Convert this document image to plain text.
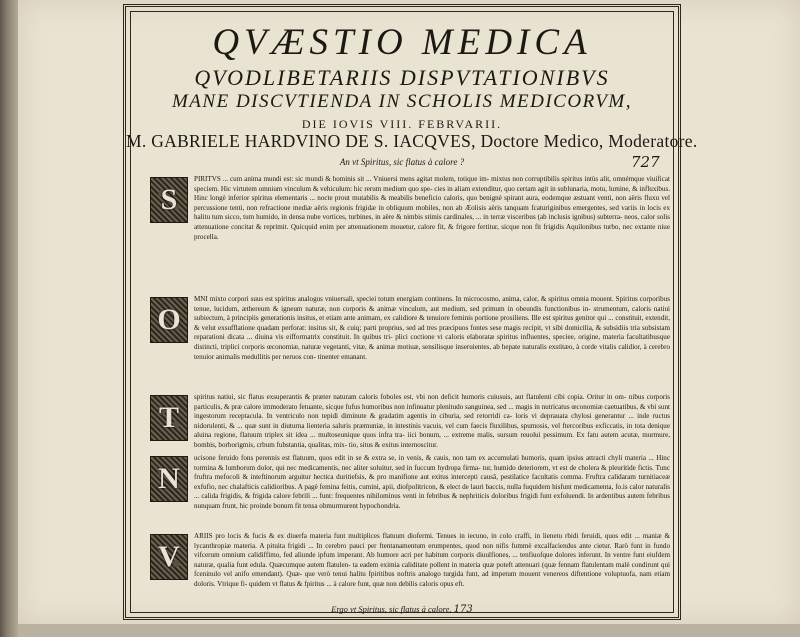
QVÆSTIO MEDICA
QVODLIBETARIIS DISPVTATIONIBVS
MANE DISCVTIENDA IN SCHOLIS MEDICORVM,
DIE IOVIS VIII. FEBRVARII.
M. GABRIELE HARDVINO DE S. IACQVES, Doctore Medico, Moderatore.
An vt Spiritus, sic flatus à calore ?	727
S
PIRITVS ... cum anima mundi est: sic mundi & hominis sit ... Vniuersi mens agitat molem, totique im- mixtus non corruptibilis spiritus intùs alit, omnémque viuificat speciem. Hic virtutem omnium vinculum & vehiculum: hic rerum medium quo spe- cies in aliam extenditur, quo certam agit in sublunaria, motu, lumine, & influxibus. Hinc longè inferior spiritus elementaris ... nocte prout mutabilis & meabilis beneficio caloris, quo benignè spirant aura, eodemque æstuant venti, non aëris fluxu vel percussione tenti, non refractione mediæ aëris regionis frigidæ in obliquum mobiles, non ab Æolisis aëris tanquam fcaturiginibus emergentes, sed variis in locis ex halitu tum sicco, tum humido, in densa nube vortices, turbines, in aëre & nimbis stimis cardinales, ... in terræ visceribus (ab inclusis ignibus) subterra- neos, calor solis attenuatione concitat & reprimit. Quicquid enim per attenuationem mouetur, calore fit, & frigore fertitur, sicque non fit frigidis Aquilonibus turbo, nec extante niue procella.
O
MNI mixto corpori suus est spiritus analogus vniuersali, speciei totum energiam continens. In microcosmo, anima, calor, & spiritus omnia mouent. Spiritus corporibus tenue, lucidum, æthereum & igneum naturæ, non corporis & animæ vinculum, aut medium, sed primum in obeundis functionibus in- strumentum, caloris natiui subiectum, à principiis generationis insitus, et etiam ante animam, ex calidiore & tenuiore feminis portione prosiliens. Ille est spiritus genitor qui ... constituit, extendit, & velut exsufflatione quadam perforat: insitus sit, & cuiq; parti proprius, sed ad tres præcipuos fontes sese magis recipit, vt sibi domicilia, & subsidiis tria subsistam reparationi dicata ... diuina vis eifformatrix constituit. In quibus tri- plici coctione vi caloris elaboratæ spiritus influentes, speciee, origine, materia facultatibusque distincti, triplici corporis œconomiæ, naturæ vegetanti, vitæ, & animæ motiuæ, sensilisque inseruientes, ab hepate naturalis exstitæo, à corde vitalis calidior, à cerebro tenuior animalis medullitis per neruos con- tinenter emanant.
T
spiritus natiui, sic flatus exsuperantis & præter naturam caloris foboles est, vbi non deficit humoris cuiusuis, aut flatulenti cibi copia. Oritur in om- nibus corporis particulis, & præ calore immoderato fetuante, sicque fufus humoribus non infinuatur plenitudo sanguinea, sed ... magis in nutricatus œconomiæ caetuatibus, & vbi sunt ingestorum receptacula. In ventriculo non tepidi diminute & gradatim agentis in ciburia, sed retorridi ca- loris vi deprauata chylosi generantur ... inde ructus nidorulenti, & ... quæ sunt in diuturna lienteria saluris præmuniæ, in intestinis vacuis, vel cum faecis fluxilibus, spumosis, vel ftercoribus exficcatis, in tota denique aluina regione, flatuum triplex sit idea ... multoseunique quos infra tra- iici bonum, ... extreme malis, sursum reuolui pessimum. Ex fatu autem acutæ, murmure, bombis, borborigmis, crbum fubstantia, qualitas, mix- tio, situs & exitus internoscitur.
N
ucisone feruido fons perennis est flatuum, quos edit in se & extra se, in venis, & cauis, non tam ex accumulati humoris, quam ipsius attracti chyli materia ... Hinc tormina & lumborum dolor, qui nec medicamentis, nec aliter soluitur, sed in fuccum hydropa firma- tur, humido deteriorem, vt est de cholera & pleuritide fictis. Tunc fruftra mefocoli & inteftinorum arguitur hectica duritiefsis, & pro manifione aut exitus intercepti causâ, pestilatice facultatis comma. Fruftra calidaram turnitiaceæ exfufio, nec chalafticis calidioribus. A pagè femina feitis, cumini, apii, diofpolitricon, & elect de lauri baccis, nulla fuquidem hisfunt medicamenta, fo.is calor naturalis ... calida frigidis, & frigida calore febrili ... funt: frequentes nihilominus venti in febribus & nephriticis doloribus frigidi funt exfoluendi. In ardentibus autem febribus nunquam frunt, hic proinde bonum fit tensa obmurmurent hypochondria.
V
ARIIS pro locis & fucis & ex diuerfa materia funt multiplices flatuum diofermi. Tenues in iecuno, in colo craffi, in lienetu rbidi feruidi, quos edit ... maniæ & lycanthropiæ materia. A pituita frigidi ... In cerebro pauci per ftentanamentum erumpentes, quod non nifis fummè excalfaciendus ante cietur. Rarò funt in fundo vifcerum omnium calidiffimo, fed aliunde ipfum imperant. Ab humore acri per habitum corporis diuulfiones, ... tenfiuofque dolores inferunt. In ventre funt eiufdem naturæ, qualia funt edula. Quæcumque autem flatulen- ta eadem eximia caliditate pollent in materia quæ poteft attenuari (quæ fennam flatulentam malè condirunt qui fceninulo vel anifo emendant). Quæ- que verò tenui halitu fpiritibus noftris analogo turgida funt, ad impetum mouent venereos diftentione voluptuofa, nam etiam doloris. Vtrique fi- quidem vt flatus & fpiritus ... à calore funt, quæ non debilis caloris opus eft.
Ergo vt Spiritus, sic flatus à calore. 173
